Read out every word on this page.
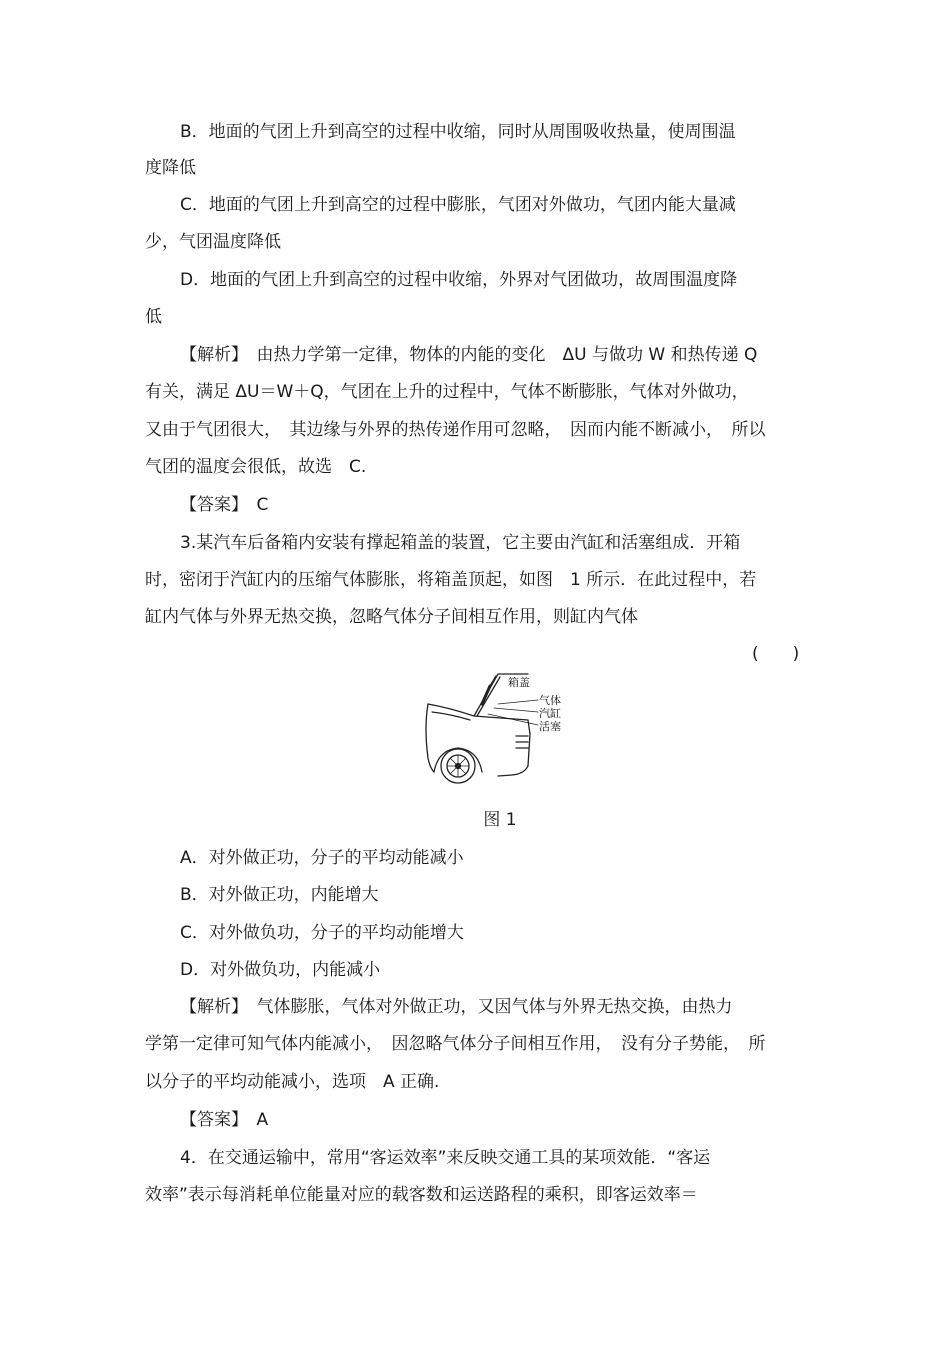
B．地面的气团上升到高空的过程中收缩，同时从周围吸收热量，使周围温
度降低
C．地面的气团上升到高空的过程中膨胀，气团对外做功，气团内能大量减
少，气团温度降低
D．地面的气团上升到高空的过程中收缩，外界对气团做功，故周围温度降
低
【解析】　由热力学第一定律，物体的内能的变化　ΔU 与做功 W 和热传递 Q
有关，满足 ΔU＝W＋Q，气团在上升的过程中，气体不断膨胀，气体对外做功，
又由于气团很大，　其边缘与外界的热传递作用可忽略，　因而内能不断减小，　所以
气团的温度会很低，故选　C.
【答案】　C
3.某汽车后备箱内安装有撑起箱盖的装置，它主要由汽缸和活塞组成．开箱
时，密闭于汽缸内的压缩气体膨胀，将箱盖顶起，如图　1 所示．在此过程中，若
缸内气体与外界无热交换，忽略气体分子间相互作用，则缸内气体
(　　)
箱盖
气体
汽缸
活塞
图 1
A．对外做正功，分子的平均动能减小
B．对外做正功，内能增大
C．对外做负功，分子的平均动能增大
D．对外做负功，内能减小
【解析】　气体膨胀，气体对外做正功，又因气体与外界无热交换，由热力
学第一定律可知气体内能减小，　因忽略气体分子间相互作用，　没有分子势能，　所
以分子的平均动能减小，选项　A 正确.
【答案】　A
4．在交通运输中，常用“客运效率”来反映交通工具的某项效能．“客运
效率”表示每消耗单位能量对应的载客数和运送路程的乘积，即客运效率＝
